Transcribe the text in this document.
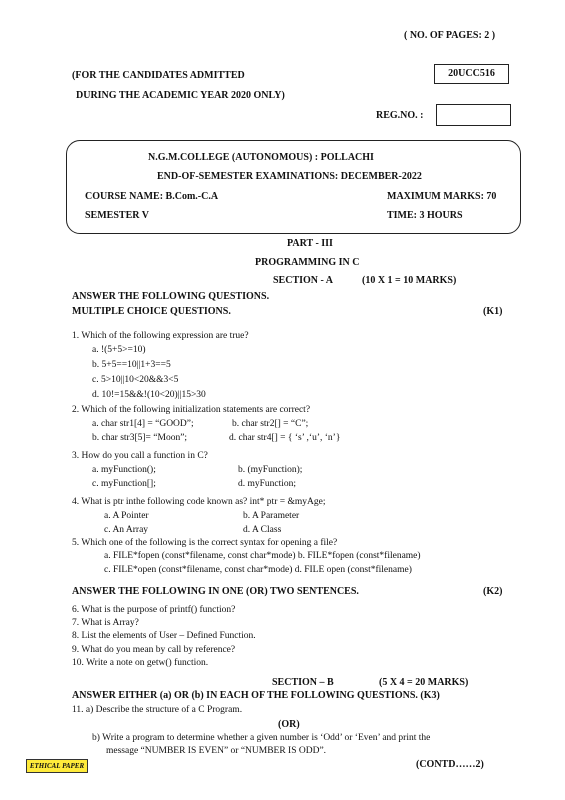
( NO. OF PAGES: 2 )
(FOR THE CANDIDATES ADMITTED
DURING THE ACADEMIC YEAR 2020 ONLY)
20UCC516
REG.NO. :
N.G.M.COLLEGE (AUTONOMOUS) : POLLACHI
END-OF-SEMESTER EXAMINATIONS: DECEMBER-2022
COURSE NAME: B.Com.-C.A	MAXIMUM MARKS: 70
SEMESTER V	TIME: 3 HOURS
PART - III
PROGRAMMING IN C
SECTION - A	(10 X 1 = 10 MARKS)
ANSWER THE FOLLOWING QUESTIONS.
MULTIPLE CHOICE QUESTIONS.	(K1)
1. Which of the following expression are true?
a. !(5+5>=10)
b. 5+5==10||1+3==5
c. 5>10||10<20&&3<5
d. 10!=15&&!(10<20)||15>30
2. Which of the following initialization statements are correct?
a. char str1[4] = “GOOD”;	b. char str2[] = “C”;
b. char str3[5]= “Moon”;	d. char str4[] = { ‘s’ ,‘u’, ‘n’}
3. How do you call a function in C?
a. myFunction();	b. (myFunction);
c. myFunction[];	d. myFunction;
4. What is ptr inthe following code known as? int* ptr = &myAge;
a. A Pointer	b. A Parameter
c. An Array	d. A Class
5. Which one of the following is the correct syntax for opening a file?
a. FILE*fopen (const*filename, const char*mode) b. FILE*fopen (const*filename)
c. FILE*open (const*filename, const char*mode) d. FILE open (const*filename)
ANSWER THE FOLLOWING IN ONE (OR) TWO SENTENCES.	(K2)
6. What is the purpose of printf() function?
7. What is Array?
8. List the elements of User – Defined Function.
9. What do you mean by call by reference?
10. Write a note on getw() function.
SECTION – B	(5 X 4 = 20 MARKS)
ANSWER EITHER (a) OR (b) IN EACH OF THE FOLLOWING QUESTIONS. (K3)
11. a) Describe the structure of a C Program.
(OR)
b) Write a program to determine whether a given number is ‘Odd’ or ‘Even’ and print the
message “NUMBER IS EVEN” or “NUMBER IS ODD”.
ETHICAL PAPER	(CONTD……2)
